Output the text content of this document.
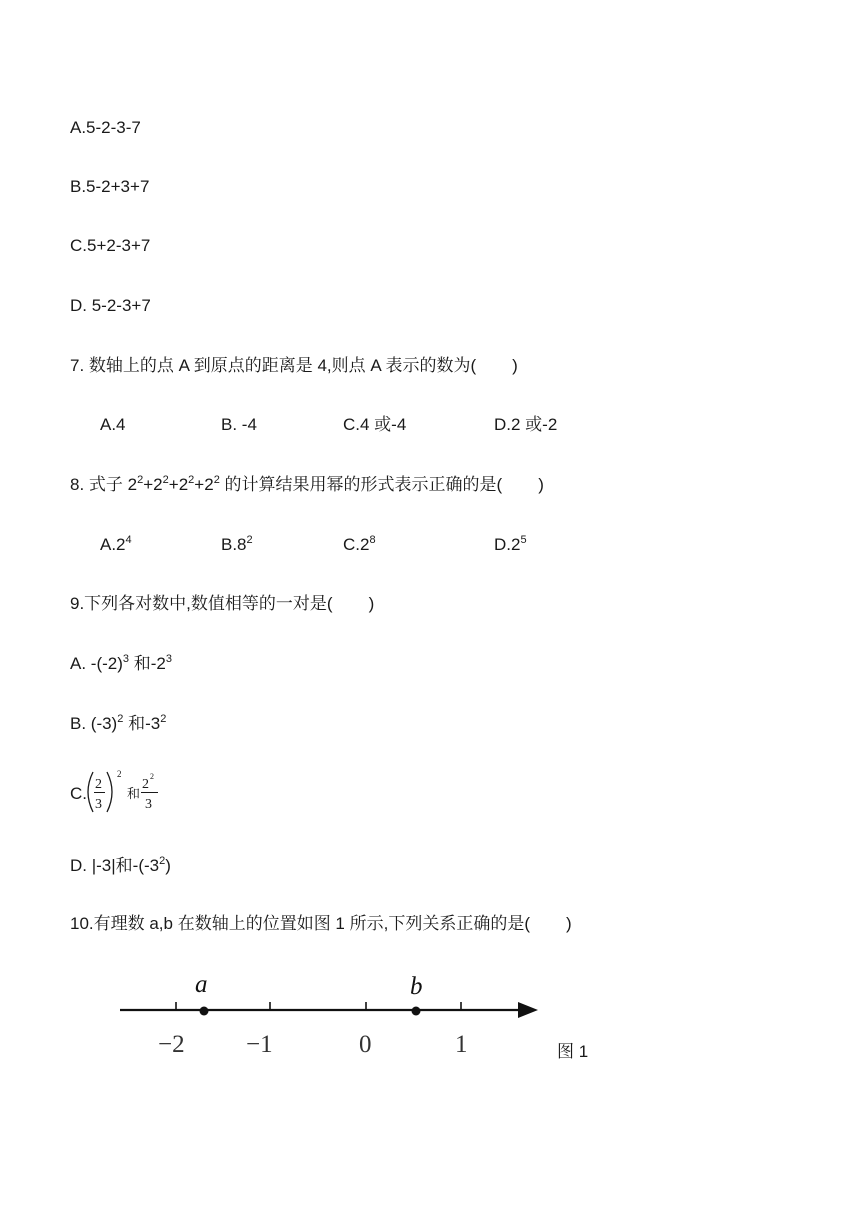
A.5-2-3-7
B.5-2+3+7
C.5+2-3+7
D. 5-2-3+7
7. 数轴上的点 A 到原点的距离是 4,则点 A 表示的数为( )
A.4	B. -4	C.4 或-4	D.2 或-2
8. 式子 $2^2+2^2+2^2+2^2$ 的计算结果用幂的形式表示正确的是( )
$A.2^4$	$B.8^2$	$C.2^8$	$D.2^5$
9.下列各对数中,数值相等的一对是( )
A. $-(-2)^3$ 和$-2^3$
B. $(-3)^2$ 和$-3^2$
C. 2
3
2
和
2
2
3
D. |-3|和$-(-3^2)$
10.有理数 a,b 在数轴上的位置如图 1 所示,下列关系正确的是( )
a	b
−2 −1	0	1	图 1
